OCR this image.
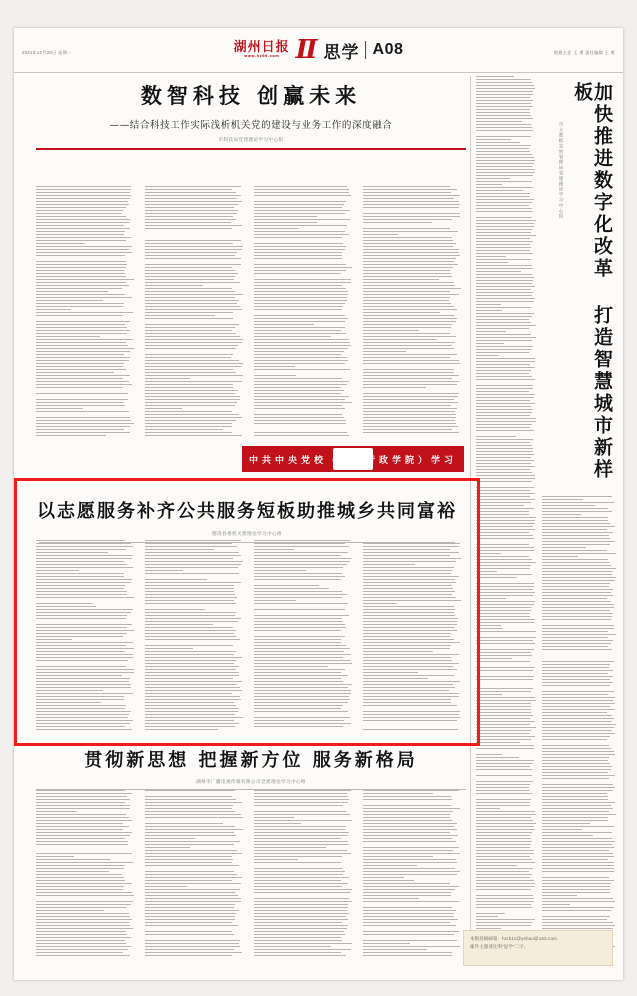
2021年12月20日 星期一	值班主任 王 勇 责任编辑 王 勇
湖州日报
www.hz66.com Ⅱ 思学 A08
数智科技 创赢未来
——结合科技工作实际浅析机关党的建设与业务工作的深度融合
市科技局党建理论学习中心组	加快推进数字化改革 打造智慧城市新样板
市大数据发展管理局党建理论学习中心组
中共中央党校（国家行政学院）学习
以志愿服务补齐公共服务短板助推城乡共同富裕
德清县委机关建理论学习中心组
贯彻新思想 把握新方位 服务新格局
湖州市广播电视传媒有限公司党建理论学习中心组
本版投稿邮箱：hzrb11@yebao@163.com
邮件主题请注明“思学”二字。
